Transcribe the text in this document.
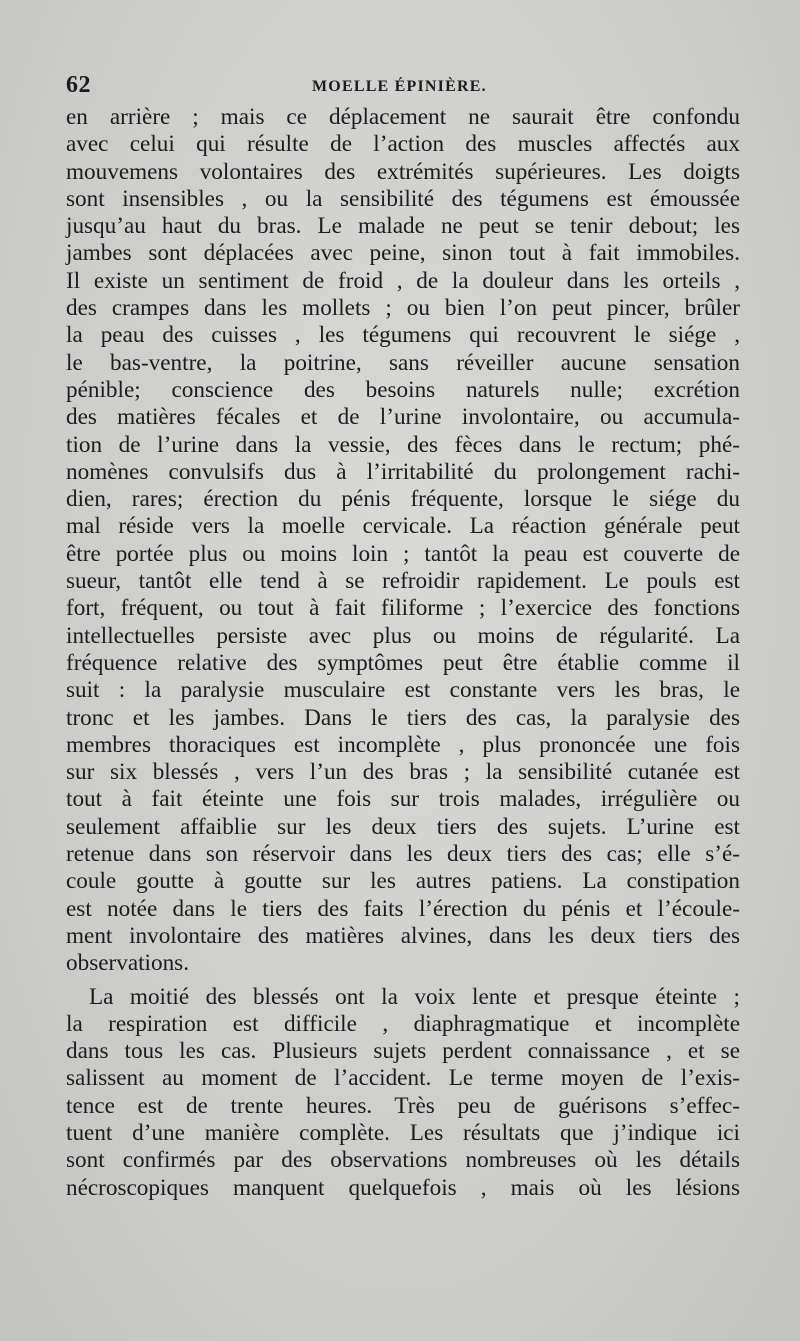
62	MOELLE ÉPINIÈRE.
en arrière ; mais ce déplacement ne saurait être confondu
avec celui qui résulte de l’action des muscles affectés aux
mouvemens volontaires des extrémités supérieures. Les doigts
sont insensibles , ou la sensibilité des tégumens est émoussée
jusqu’au haut du bras. Le malade ne peut se tenir debout; les
jambes sont déplacées avec peine, sinon tout à fait immobiles.
Il existe un sentiment de froid , de la douleur dans les orteils ,
des crampes dans les mollets ; ou bien l’on peut pincer, brûler
la peau des cuisses , les tégumens qui recouvrent le siége ,
le bas-ventre, la poitrine, sans réveiller aucune sensation
pénible; conscience des besoins naturels nulle; excrétion
des matières fécales et de l’urine involontaire, ou accumula-
tion de l’urine dans la vessie, des fèces dans le rectum; phé-
nomènes convulsifs dus à l’irritabilité du prolongement rachi-
dien, rares; érection du pénis fréquente, lorsque le siége du
mal réside vers la moelle cervicale. La réaction générale peut
être portée plus ou moins loin ; tantôt la peau est couverte de
sueur, tantôt elle tend à se refroidir rapidement. Le pouls est
fort, fréquent, ou tout à fait filiforme ; l’exercice des fonctions
intellectuelles persiste avec plus ou moins de régularité. La
fréquence relative des symptômes peut être établie comme il
suit : la paralysie musculaire est constante vers les bras, le
tronc et les jambes. Dans le tiers des cas, la paralysie des
membres thoraciques est incomplète , plus prononcée une fois
sur six blessés , vers l’un des bras ; la sensibilité cutanée est
tout à fait éteinte une fois sur trois malades, irrégulière ou
seulement affaiblie sur les deux tiers des sujets. L’urine est
retenue dans son réservoir dans les deux tiers des cas; elle s’é-
coule goutte à goutte sur les autres patiens. La constipation
est notée dans le tiers des faits l’érection du pénis et l’écoule-
ment involontaire des matières alvines, dans les deux tiers des
observations.
La moitié des blessés ont la voix lente et presque éteinte ;
la respiration est difficile , diaphragmatique et incomplète
dans tous les cas. Plusieurs sujets perdent connaissance , et se
salissent au moment de l’accident. Le terme moyen de l’exis-
tence est de trente heures. Très peu de guérisons s’effec-
tuent d’une manière complète. Les résultats que j’indique ici
sont confirmés par des observations nombreuses où les détails
nécroscopiques manquent quelquefois , mais où les lésions
